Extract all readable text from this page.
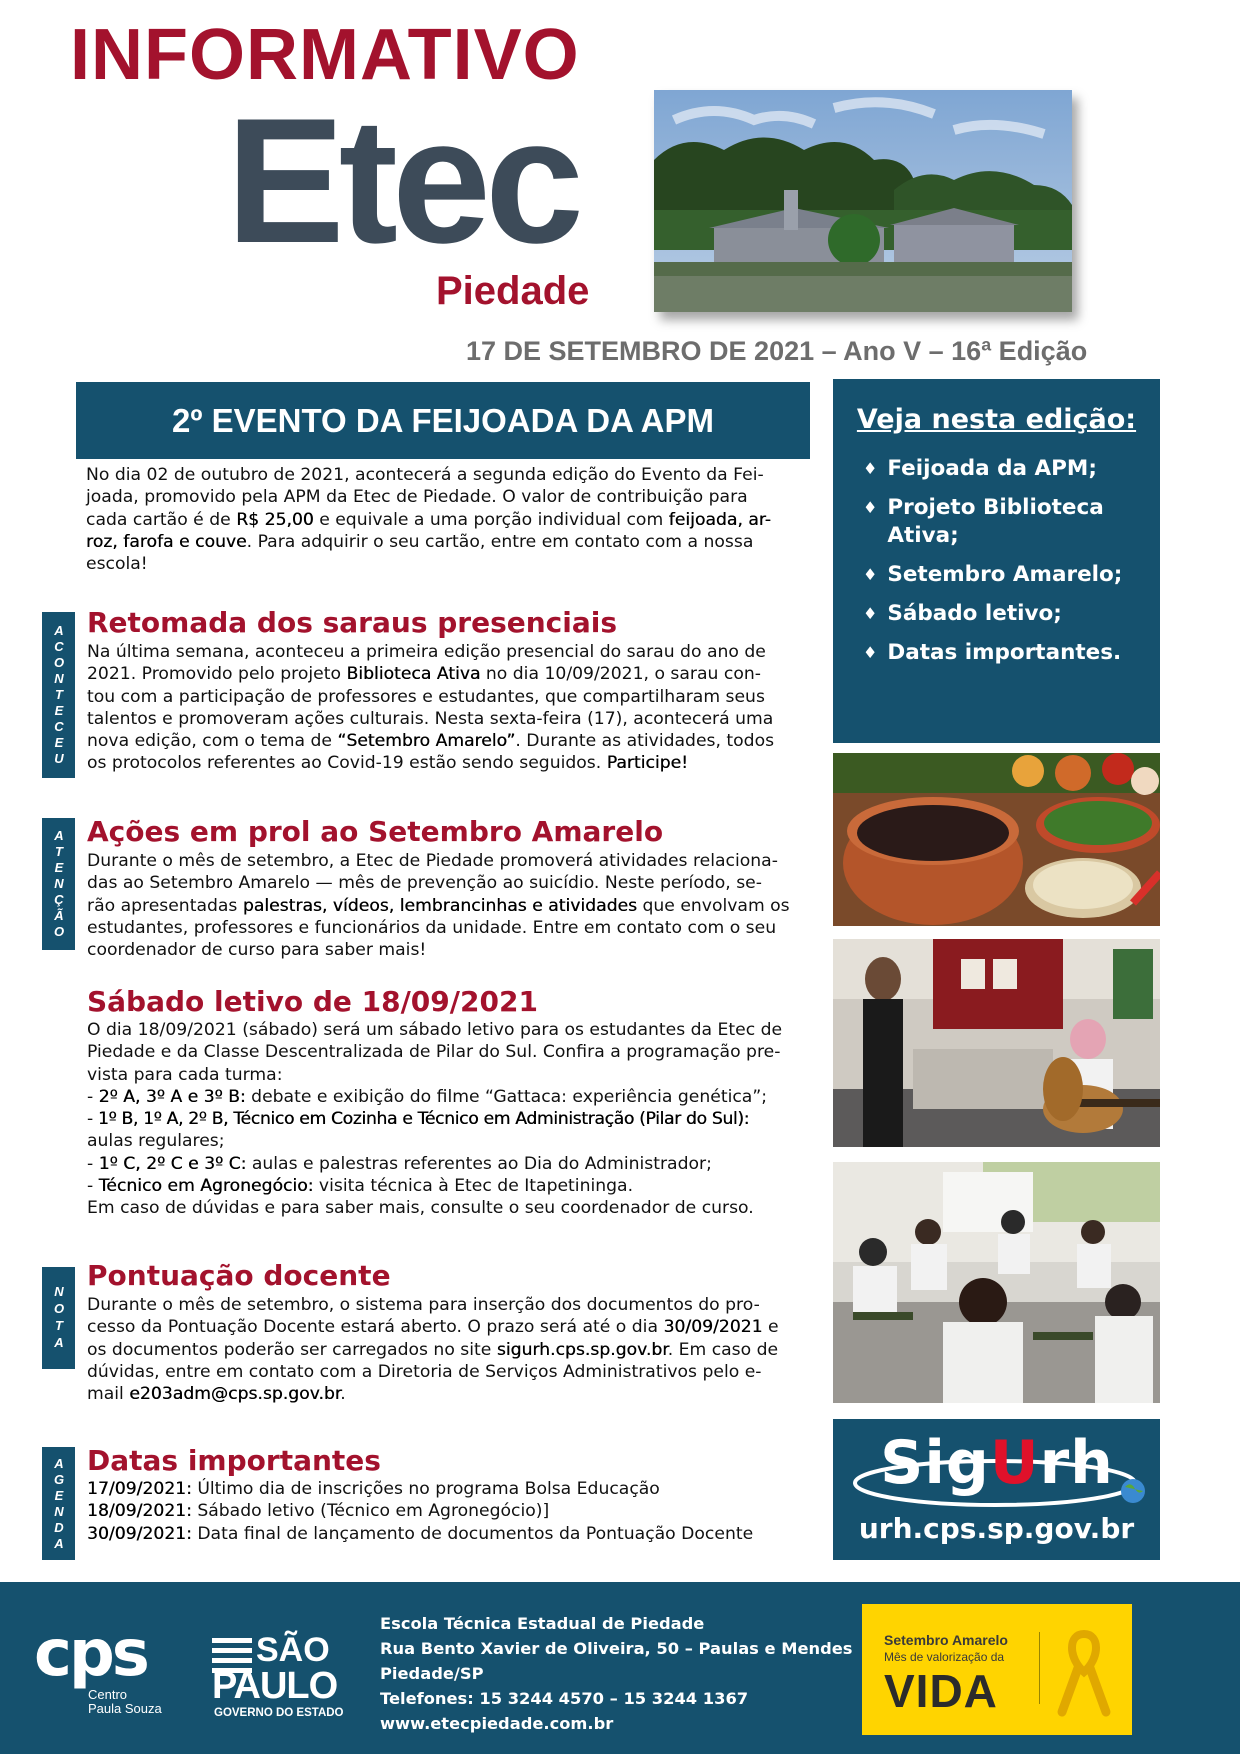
INFORMATIVO
Etec
Piedade
17 DE SETEMBRO DE 2021 – Ano V – 16ª Edição
2º EVENTO DA FEIJOADA DA APM
No dia 02 de outubro de 2021, acontecerá a segunda edição do Evento da Fei-
joada, promovido pela APM da Etec de Piedade. O valor de contribuição para
cada cartão é de R$ 25,00 e equivale a uma porção individual com feijoada, ar-
roz, farofa e couve. Para adquirir o seu cartão, entre em contato com a nossa
escola!
ACONTECEU
Retomada dos saraus presenciais
Na última semana, aconteceu a primeira edição presencial do sarau do ano de
2021. Promovido pelo projeto Biblioteca Ativa no dia 10/09/2021, o sarau con-
tou com a participação de professores e estudantes, que compartilharam seus
talentos e promoveram ações culturais. Nesta sexta-feira (17), acontecerá uma
nova edição, com o tema de “Setembro Amarelo”. Durante as atividades, todos
os protocolos referentes ao Covid-19 estão sendo seguidos. Participe!
ATENÇÃO Ações em prol ao Setembro Amarelo
Durante o mês de setembro, a Etec de Piedade promoverá atividades relaciona-
das ao Setembro Amarelo — mês de prevenção ao suicídio. Neste período, se-
rão apresentadas palestras, vídeos, lembrancinhas e atividades que envolvam os
estudantes, professores e funcionários da unidade. Entre em contato com o seu
coordenador de curso para saber mais!
Sábado letivo de 18/09/2021
O dia 18/09/2021 (sábado) será um sábado letivo para os estudantes da Etec de
Piedade e da Classe Descentralizada de Pilar do Sul. Confira a programação pre-
vista para cada turma:
- 2º A, 3º A e 3º B: debate e exibição do filme “Gattaca: experiência genética”;
- 1º B, 1º A, 2º B, Técnico em Cozinha e Técnico em Administração (Pilar do Sul):
aulas regulares;
- 1º C, 2º C e 3º C: aulas e palestras referentes ao Dia do Administrador;
- Técnico em Agronegócio: visita técnica à Etec de Itapetininga.
Em caso de dúvidas e para saber mais, consulte o seu coordenador de curso.
NOTA
Pontuação docente
Durante o mês de setembro, o sistema para inserção dos documentos do pro-
cesso da Pontuação Docente estará aberto. O prazo será até o dia 30/09/2021 e
os documentos poderão ser carregados no site sigurh.cps.sp.gov.br. Em caso de
dúvidas, entre em contato com a Diretoria de Serviços Administrativos pelo e-
mail e203adm@cps.sp.gov.br.
AGENDA Datas importantes
17/09/2021: Último dia de inscrições no programa Bolsa Educação
18/09/2021: Sábado letivo (Técnico em Agronegócio)]
30/09/2021: Data final de lançamento de documentos da Pontuação Docente
Veja nesta edição:
♦ Feijoada da APM;
♦ Projeto Biblioteca Ativa;
♦ Setembro Amarelo;
♦ Sábado letivo;
♦ Datas importantes.
SigUrh
urh.cps.sp.gov.br
cps
Centro
Paula Souza
SÃO
PAULO
GOVERNO DO ESTADO
Escola Técnica Estadual de Piedade
Rua Bento Xavier de Oliveira, 50 – Paulas e Mendes
Piedade/SP
Telefones: 15 3244 4570 – 15 3244 1367
www.etecpiedade.com.br
Setembro Amarelo
Mês de valorização da
VIDA
